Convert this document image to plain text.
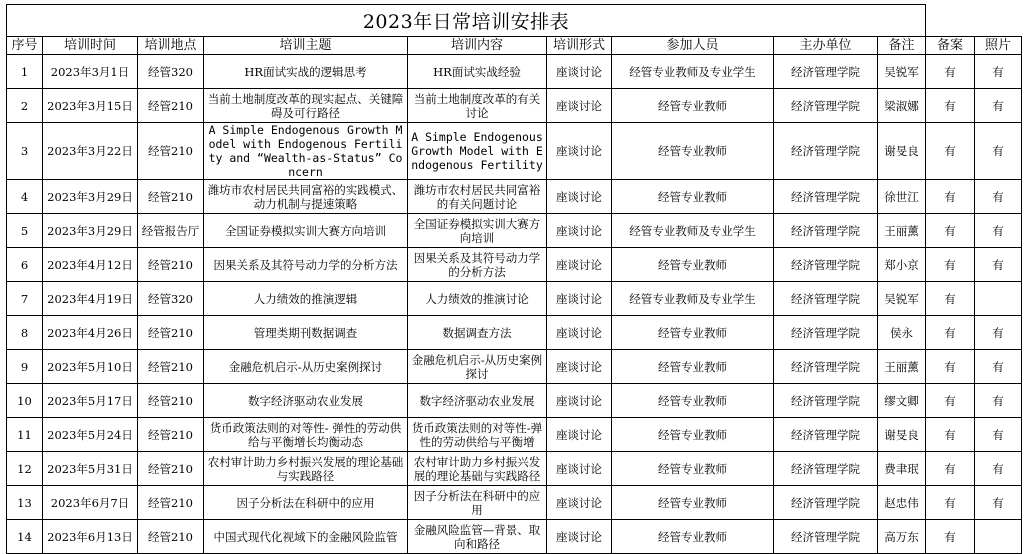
2023年日常培训安排表										
序号	培训时间	培训地点	培训主题	培训内容	培训形式	参加人员	主办单位	备注	备案	照片
1	2023年3月1日	经管320	HR面试实战的逻辑思考	HR面试实战经验	座谈讨论	经管专业教师及专业学生	经济管理学院	吴锐军	有	有
2	2023年3月15日	经管210	当前土地制度改革的现实起点、关键障碍及可行路径	当前土地制度改革的有关讨论	座谈讨论	经管专业教师	经济管理学院	梁淑娜	有	有
3	2023年3月22日	经管210	A Simple Endogenous Growth Model with Endogenous Fertility and “Wealth-as-Status” Concern	A Simple Endogenous Growth Model with Endogenous Fertility	座谈讨论	经管专业教师	经济管理学院	谢旻良	有	有
4	2023年3月29日	经管210	潍坊市农村居民共同富裕的实践模式、动力机制与提速策略	潍坊市农村居民共同富裕的有关问题讨论	座谈讨论	经管专业教师	经济管理学院	徐世江	有	有
5	2023年3月29日	经管报告厅	全国证券模拟实训大赛方向培训	全国证券模拟实训大赛方向培训	座谈讨论	经管专业教师及专业学生	经济管理学院	王丽薰	有	有
6	2023年4月12日	经管210	因果关系及其符号动力学的分析方法	因果关系及其符号动力学的分析方法	座谈讨论	经管专业教师	经济管理学院	郑小京	有	有
7	2023年4月19日	经管320	人力绩效的推演逻辑	人力绩效的推演讨论	座谈讨论	经管专业教师及专业学生	经济管理学院	吴锐军	有	
8	2023年4月26日	经管210	管理类期刊数据调查	数据调查方法	座谈讨论	经管专业教师	经济管理学院	侯永	有	有
9	2023年5月10日	经管210	金融危机启示-从历史案例探讨	金融危机启示-从历史案例探讨	座谈讨论	经管专业教师	经济管理学院	王丽薰	有	有
10	2023年5月17日	经管210	数字经济驱动农业发展	数字经济驱动农业发展	座谈讨论	经管专业教师	经济管理学院	缪文卿	有	有
11	2023年5月24日	经管210	货币政策法则的对等性- 弹性的劳动供给与平衡增长均衡动态	货币政策法则的对等性-弹性的劳动供给与平衡增	座谈讨论	经管专业教师	经济管理学院	谢旻良	有	有
12	2023年5月31日	经管210	农村审计助力乡村振兴发展的理论基础与实践路径	农村审计助力乡村振兴发展的理论基础与实践路径	座谈讨论	经管专业教师	经济管理学院	费聿珉	有	有
13	2023年6月7日	经管210	因子分析法在科研中的应用	因子分析法在科研中的应用	座谈讨论	经管专业教师	经济管理学院	赵忠伟	有	有
14	2023年6月13日	经管210	中国式现代化视域下的金融风险监管	金融风险监管—背景、取向和路径	座谈讨论	经管专业教师	经济管理学院	高万东	有	
